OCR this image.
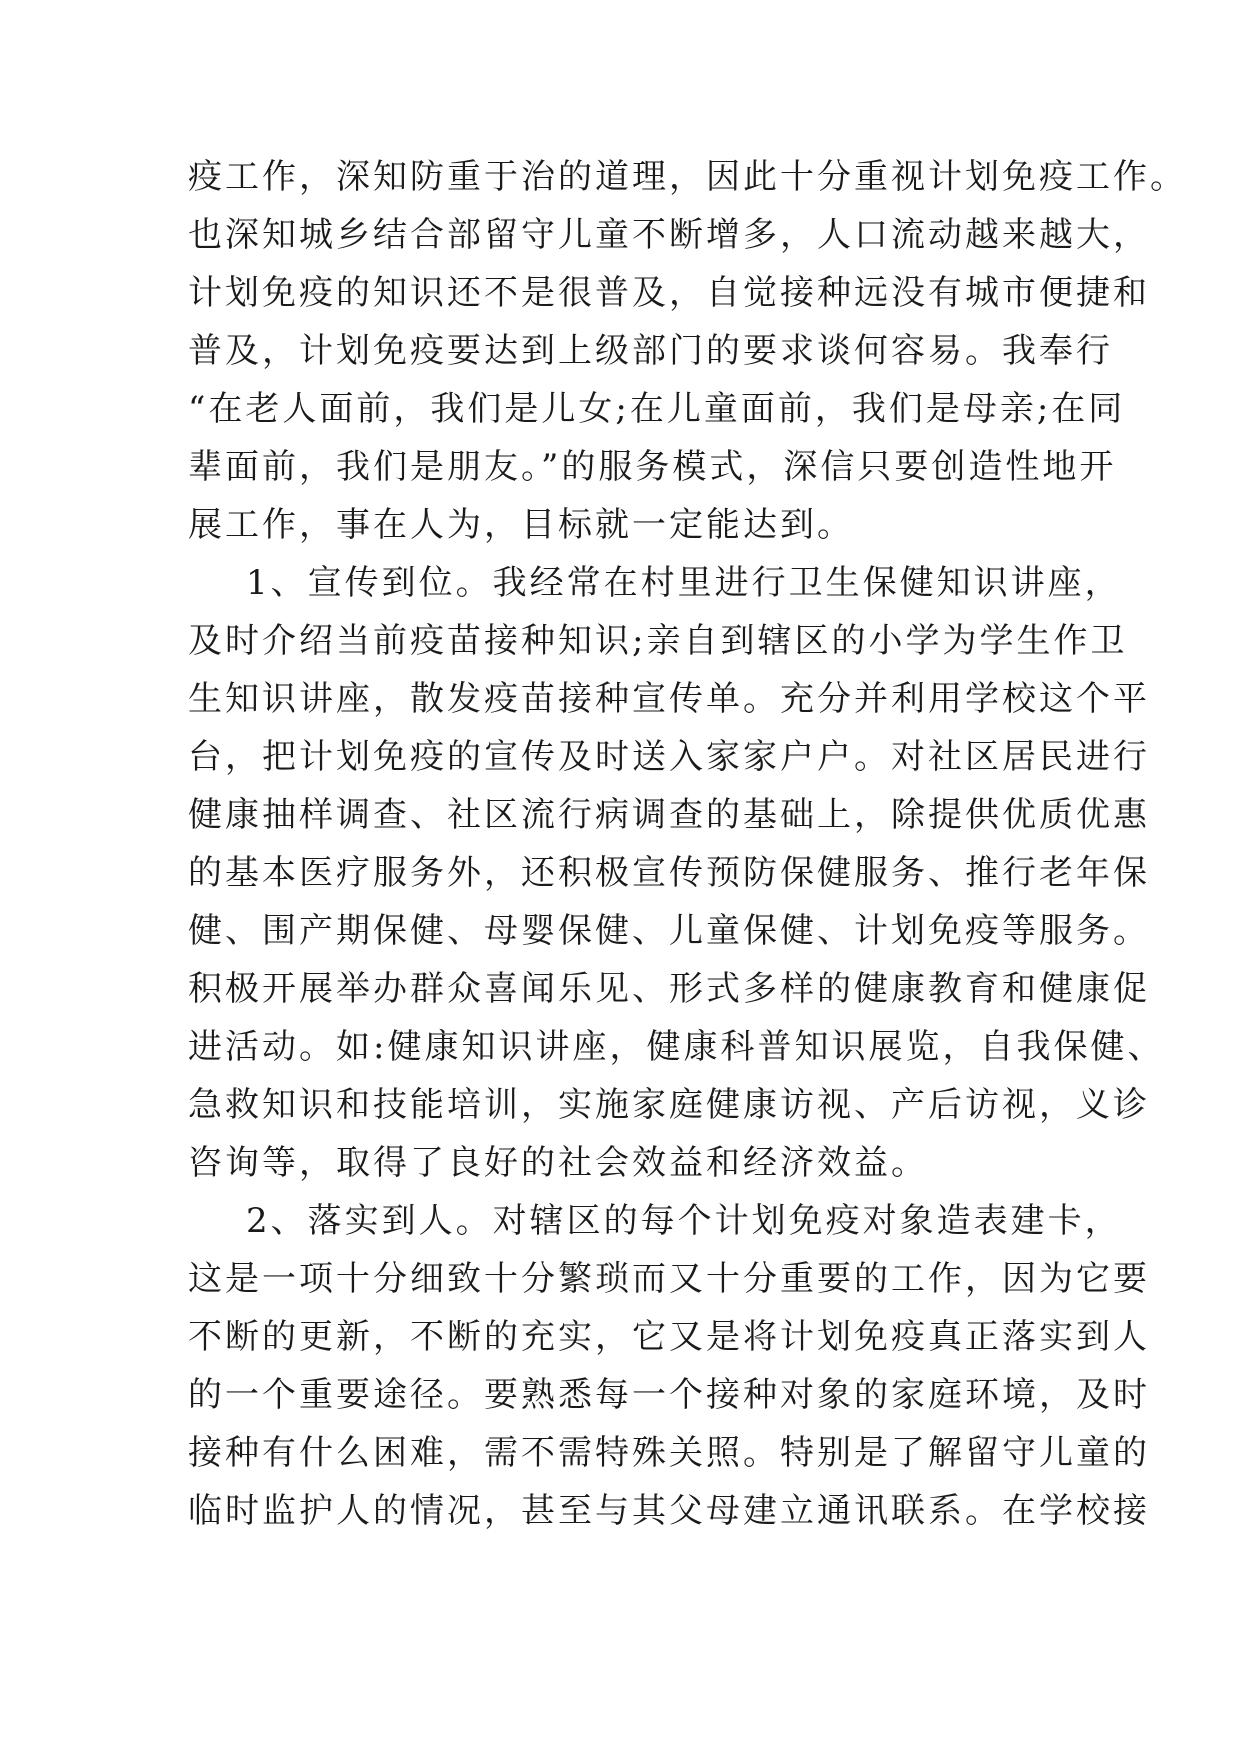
疫工作，深知防重于治的道理，因此十分重视计划免疫工作。
也深知城乡结合部留守儿童不断增多，人口流动越来越大，
计划免疫的知识还不是很普及，自觉接种远没有城市便捷和
普及，计划免疫要达到上级部门的要求谈何容易。我奉行
“在老人面前，我们是儿女;在儿童面前，我们是母亲;在同
辈面前，我们是朋友。”的服务模式，深信只要创造性地开
展工作，事在人为，目标就一定能达到。
1、宣传到位。我经常在村里进行卫生保健知识讲座，
及时介绍当前疫苗接种知识;亲自到辖区的小学为学生作卫
生知识讲座，散发疫苗接种宣传单。充分并利用学校这个平
台，把计划免疫的宣传及时送入家家户户。对社区居民进行
健康抽样调查、社区流行病调查的基础上，除提供优质优惠
的基本医疗服务外，还积极宣传预防保健服务、推行老年保
健、围产期保健、母婴保健、儿童保健、计划免疫等服务。
积极开展举办群众喜闻乐见、形式多样的健康教育和健康促
进活动。如:健康知识讲座，健康科普知识展览，自我保健、
急救知识和技能培训，实施家庭健康访视、产后访视，义诊
咨询等，取得了良好的社会效益和经济效益。
2、落实到人。对辖区的每个计划免疫对象造表建卡，
这是一项十分细致十分繁琐而又十分重要的工作，因为它要
不断的更新，不断的充实，它又是将计划免疫真正落实到人
的一个重要途径。要熟悉每一个接种对象的家庭环境，及时
接种有什么困难，需不需特殊关照。特别是了解留守儿童的
临时监护人的情况，甚至与其父母建立通讯联系。在学校接
